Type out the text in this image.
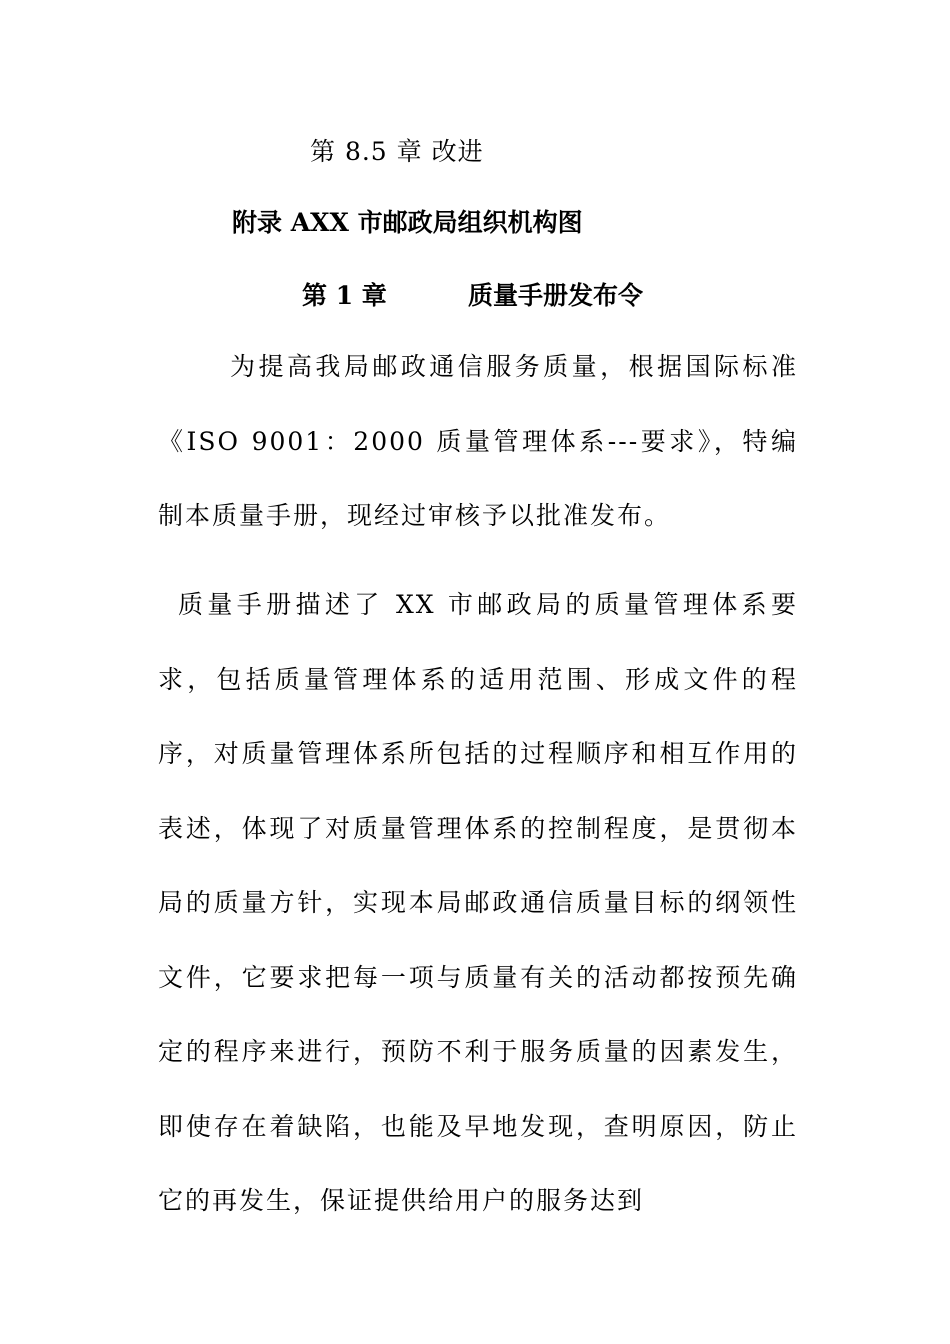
第 8.5 章 改进
附录 AXX 市邮政局组织机构图
第 1 章	质量手册发布令

为提高我局邮政通信服务质量，根据国际标准《ISO 9001：2000 质量管理体系---要求》，特编制本质量手册，现经过审核予以批准发布。

质量手册描述了 XX 市邮政局的质量管理体系要求，包括质量管理体系的适用范围、形成文件的程序，对质量管理体系所包括的过程顺序和相互作用的表述，体现了对质量管理体系的控制程度，是贯彻本局的质量方针，实现本局邮政通信质量目标的纲领性文件，它要求把每一项与质量有关的活动都按预先确定的程序来进行，预防不利于服务质量的因素发生，即使存在着缺陷，也能及早地发现，查明原因，防止它的再发生，保证提供给用户的服务达到
